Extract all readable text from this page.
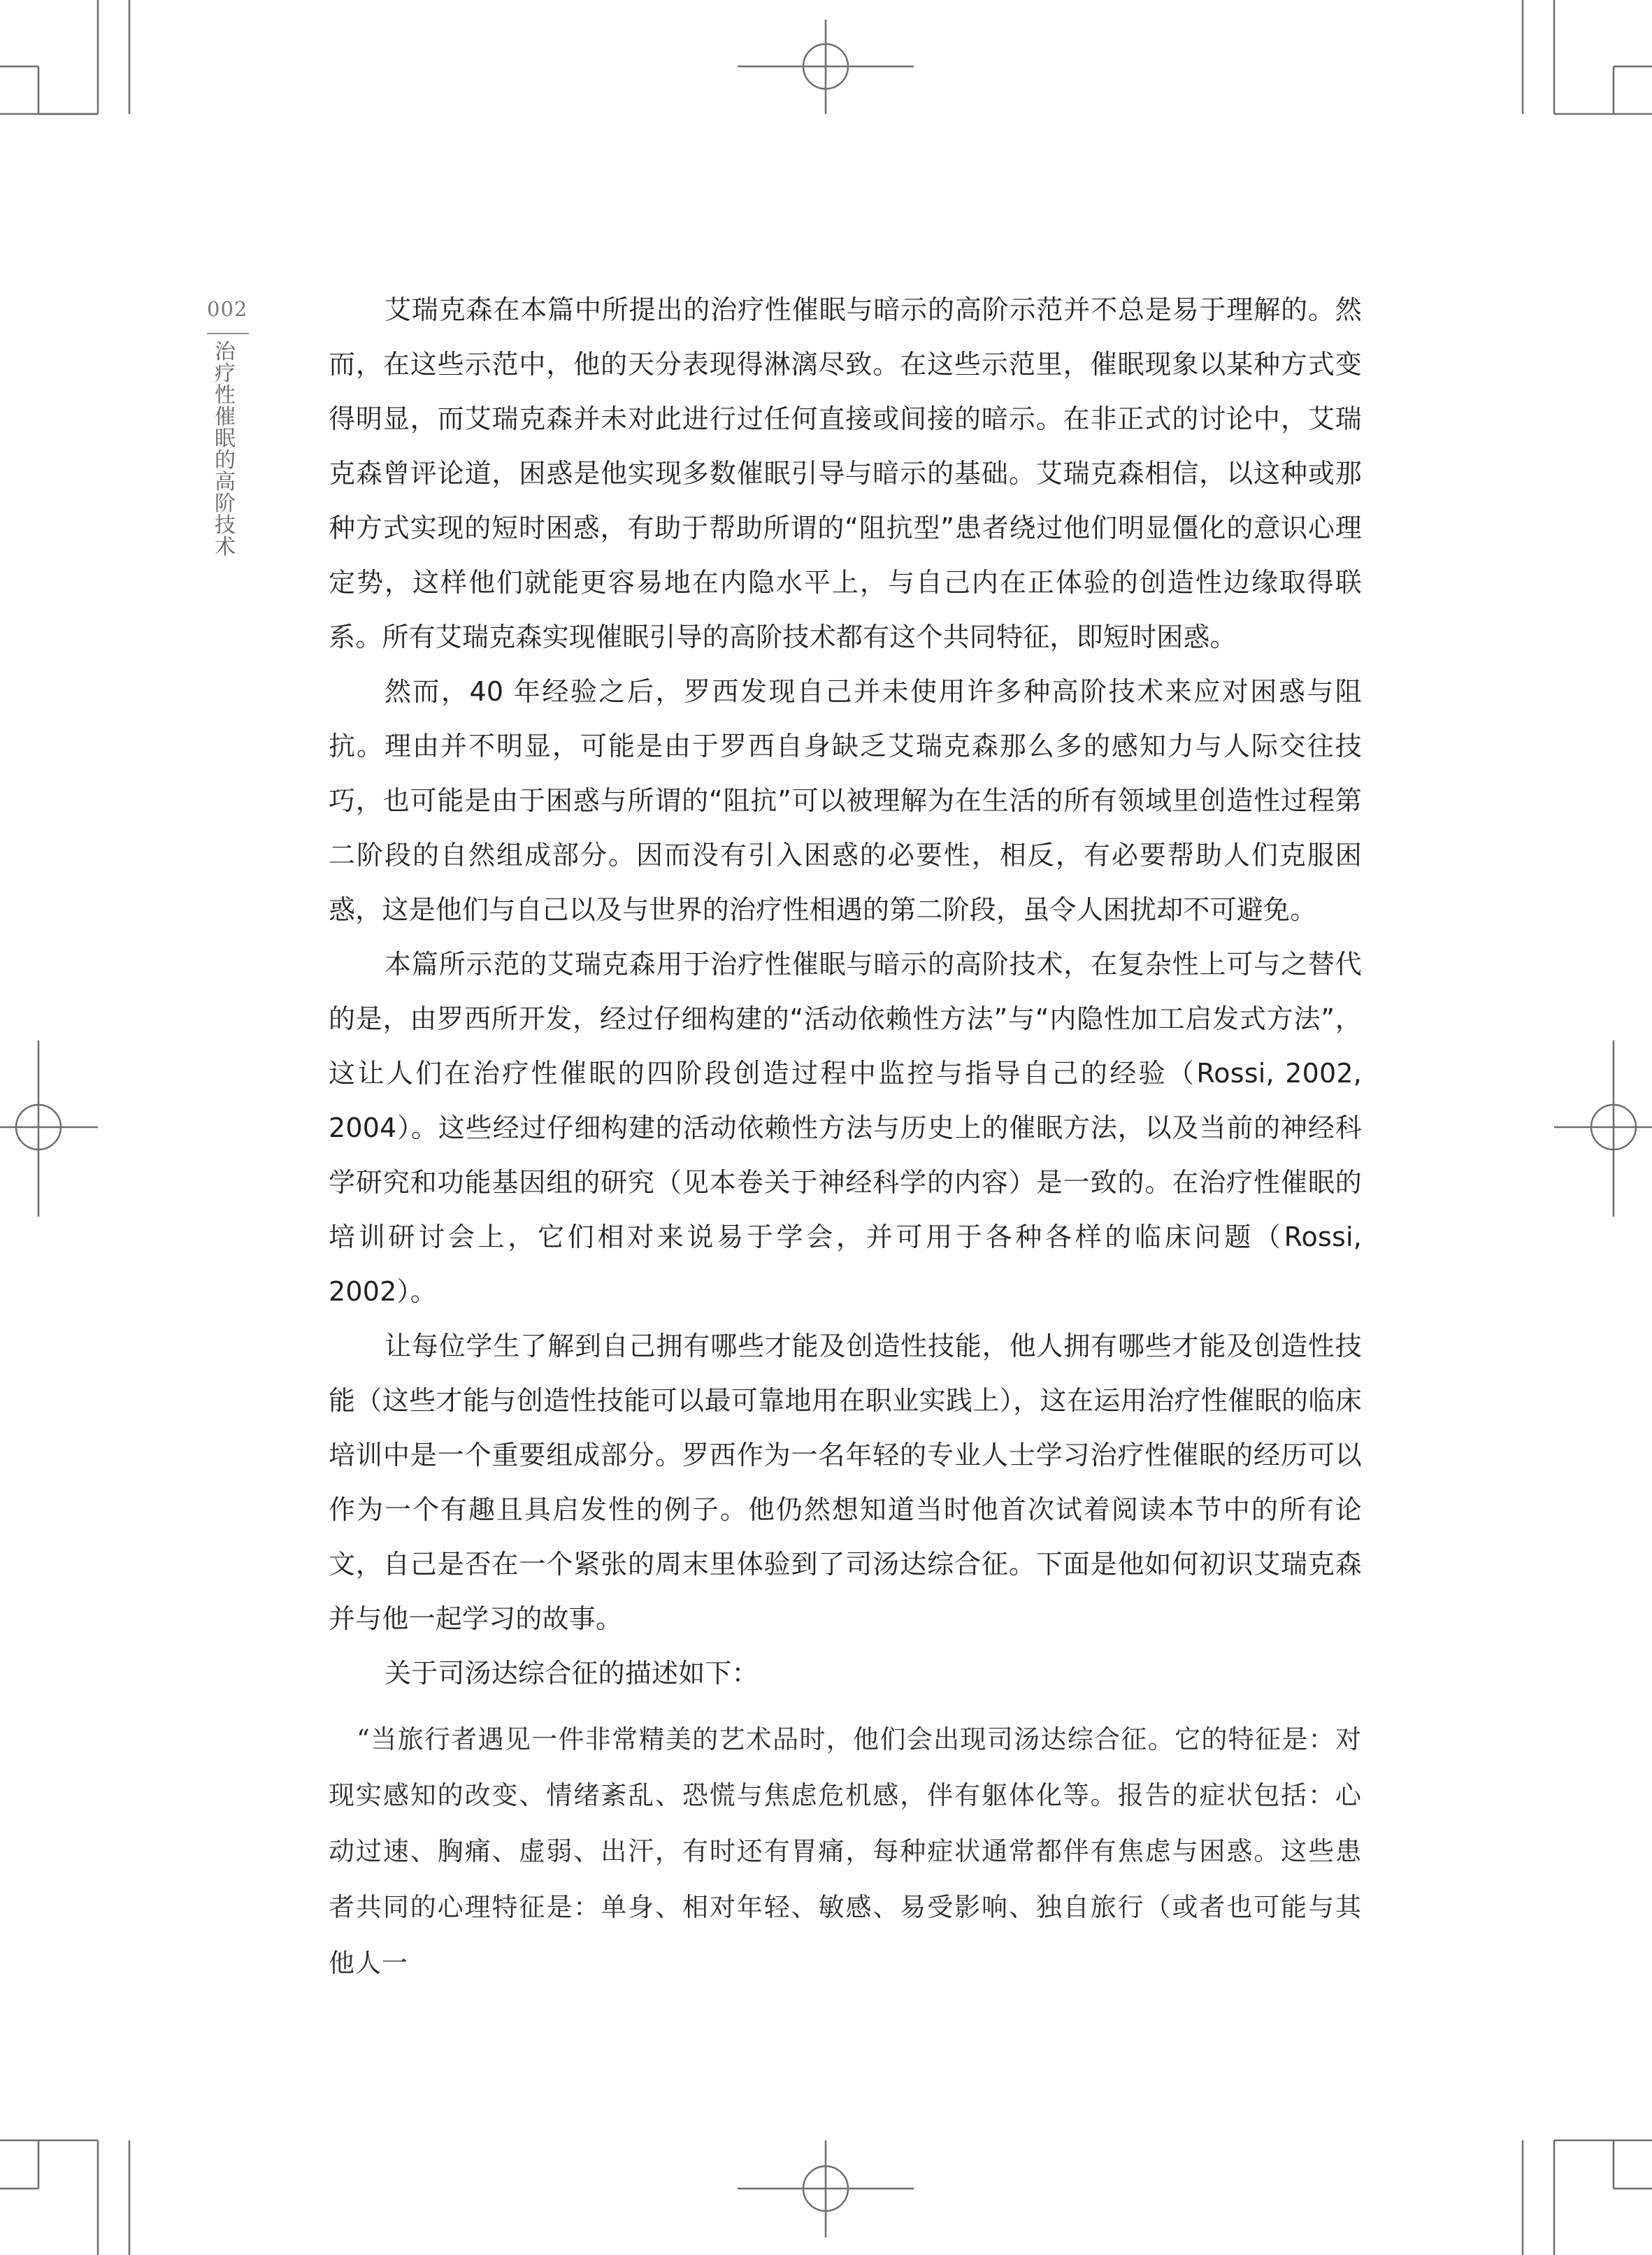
002
治疗性催眠的高阶技术

艾瑞克森在本篇中所提出的治疗性催眠与暗示的高阶示范并不总是易于理解的。然而，在这些示范中，他的天分表现得淋漓尽致。在这些示范里，催眠现象以某种方式变得明显，而艾瑞克森并未对此进行过任何直接或间接的暗示。在非正式的讨论中，艾瑞克森曾评论道，困惑是他实现多数催眠引导与暗示的基础。艾瑞克森相信，以这种或那种方式实现的短时困惑，有助于帮助所谓的“阻抗型”患者绕过他们明显僵化的意识心理定势，这样他们就能更容易地在内隐水平上，与自己内在正体验的创造性边缘取得联系。所有艾瑞克森实现催眠引导的高阶技术都有这个共同特征，即短时困惑。

然而，40 年经验之后，罗西发现自己并未使用许多种高阶技术来应对困惑与阻抗。理由并不明显，可能是由于罗西自身缺乏艾瑞克森那么多的感知力与人际交往技巧，也可能是由于困惑与所谓的“阻抗”可以被理解为在生活的所有领域里创造性过程第二阶段的自然组成部分。因而没有引入困惑的必要性，相反，有必要帮助人们克服困惑，这是他们与自己以及与世界的治疗性相遇的第二阶段，虽令人困扰却不可避免。

本篇所示范的艾瑞克森用于治疗性催眠与暗示的高阶技术，在复杂性上可与之替代的是，由罗西所开发，经过仔细构建的“活动依赖性方法”与“内隐性加工启发式方法”，这让人们在治疗性催眠的四阶段创造过程中监控与指导自己的经验（Rossi, 2002, 2004）。这些经过仔细构建的活动依赖性方法与历史上的催眠方法，以及当前的神经科学研究和功能基因组的研究（见本卷关于神经科学的内容）是一致的。在治疗性催眠的培训研讨会上，它们相对来说易于学会，并可用于各种各样的临床问题（Rossi, 2002）。

让每位学生了解到自己拥有哪些才能及创造性技能，他人拥有哪些才能及创造性技能（这些才能与创造性技能可以最可靠地用在职业实践上），这在运用治疗性催眠的临床培训中是一个重要组成部分。罗西作为一名年轻的专业人士学习治疗性催眠的经历可以作为一个有趣且具启发性的例子。他仍然想知道当时他首次试着阅读本节中的所有论文，自己是否在一个紧张的周末里体验到了司汤达综合征。下面是他如何初识艾瑞克森并与他一起学习的故事。

关于司汤达综合征的描述如下：

“当旅行者遇见一件非常精美的艺术品时，他们会出现司汤达综合征。它的特征是：对现实感知的改变、情绪紊乱、恐慌与焦虑危机感，伴有躯体化等。报告的症状包括：心动过速、胸痛、虚弱、出汗，有时还有胃痛，每种症状通常都伴有焦虑与困惑。这些患者共同的心理特征是：单身、相对年轻、敏感、易受影响、独自旅行（或者也可能与其他人一
